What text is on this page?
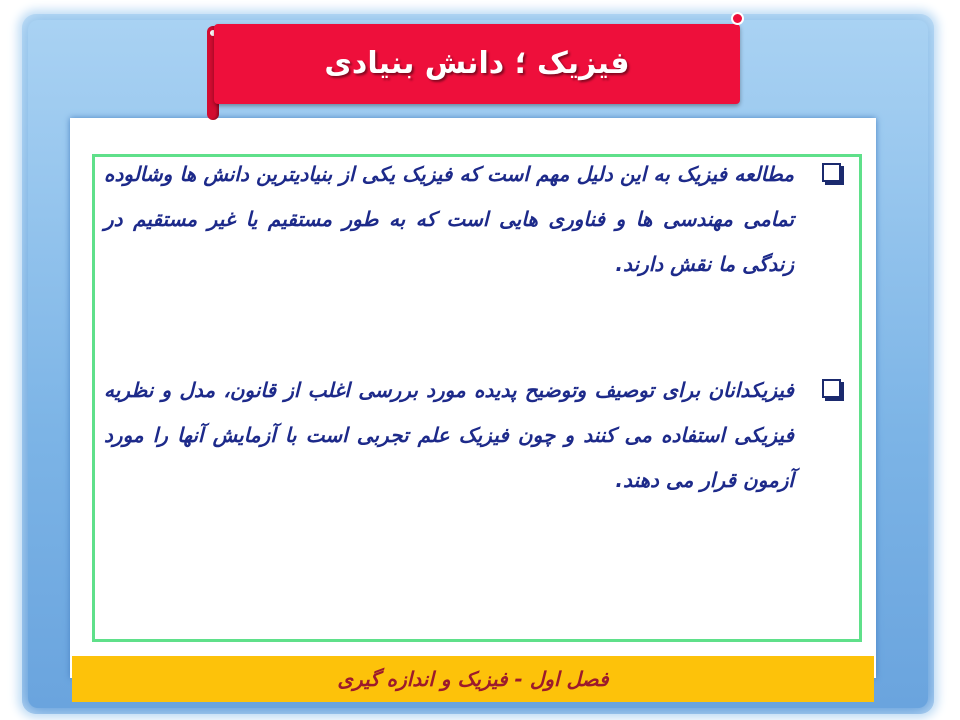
فیزیک ؛ دانش بنیادی
مطالعه فیزیک به این دلیل مهم است که فیزیک یکی از بنیادیترین دانش ها وشالوده تمامی مهندسی ها و فناوری هایی است که به طور مستقیم یا غیر مستقیم در زندگی ما نقش دارند.
فیزیکدانان برای توصیف وتوضیح پدیده مورد بررسی اغلب از قانون، مدل و نظریه فیزیکی استفاده می کنند و چون فیزیک علم تجربی است با آزمایش آنها را مورد آزمون قرار می دهند.
فصل اول - فیزیک و اندازه گیری
